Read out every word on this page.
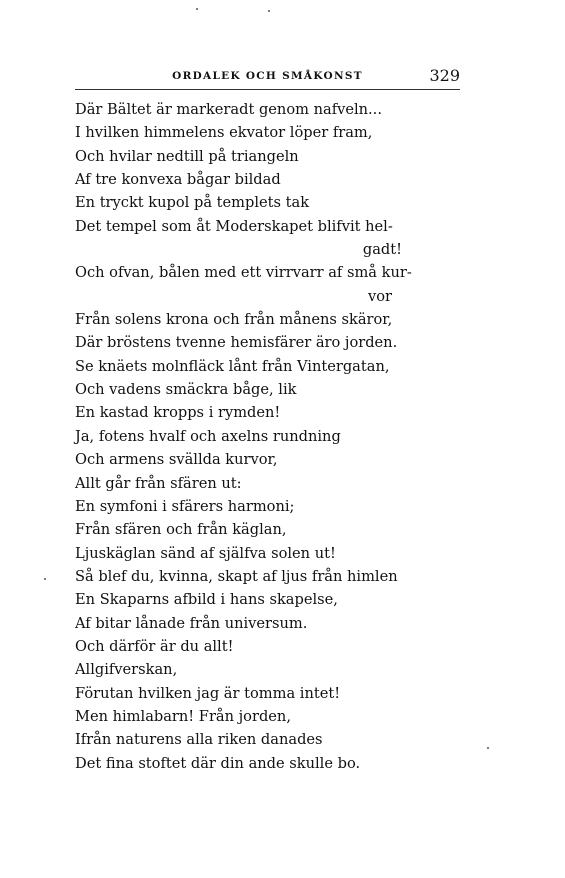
ORDALEK OCH SMÅKONST	329
Där Bältet är markeradt genom nafveln...
I hvilken himmelens ekvator löper fram,
Och hvilar nedtill på triangeln
Af tre konvexa bågar bildad
En tryckt kupol på templets tak
Det tempel som åt Moderskapet blifvit hel-
gadt!
Och ofvan, bålen med ett virrvarr af små kur-
vor
Från solens krona och från månens skäror,
Där bröstens tvenne hemisfärer äro jorden.
Se knäets molnfläck lånt från Vintergatan,
Och vadens smäckra båge, lik
En kastad kropps i rymden!
Ja, fotens hvalf och axelns rundning
Och armens svällda kurvor,
Allt går från sfären ut:
En symfoni i sfärers harmoni;
Från sfären och från käglan,
Ljuskäglan sänd af själfva solen ut!
Så blef du, kvinna, skapt af ljus från himlen
En Skaparns afbild i hans skapelse,
Af bitar lånade från universum.
Och därför är du allt!
Allgifverskan,
Förutan hvilken jag är tomma intet!
Men himlabarn! Från jorden,
Ifrån naturens alla riken danades
Det fina stoftet där din ande skulle bo.
